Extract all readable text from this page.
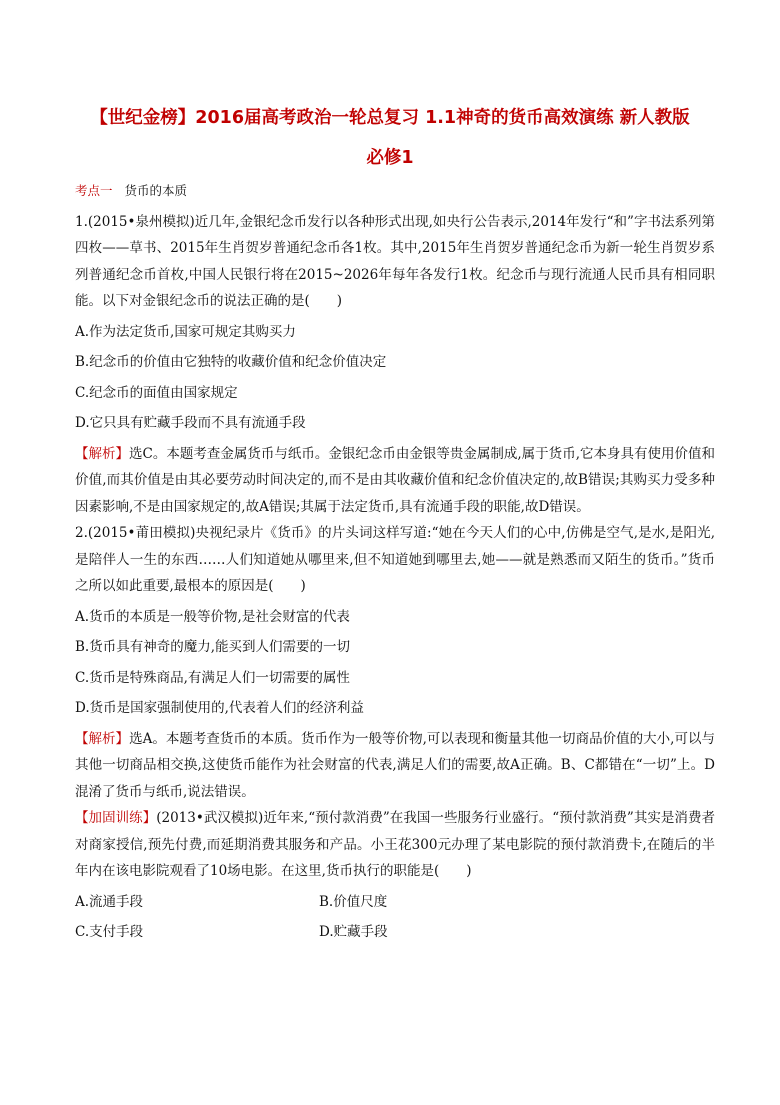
【世纪金榜】2016届高考政治一轮总复习 1.1神奇的货币高效演练 新人教版
必修1

考点一 货币的本质

1.(2015•泉州模拟)近几年,金银纪念币发行以各种形式出现,如央行公告表示,2014年发行“和”字书法系列第四枚——草书、2015年生肖贺岁普通纪念币各1枚。其中,2015年生肖贺岁普通纪念币为新一轮生肖贺岁系列普通纪念币首枚,中国人民银行将在2015~2026年每年各发行1枚。纪念币与现行流通人民币具有相同职能。以下对金银纪念币的说法正确的是(　　)

A.作为法定货币,国家可规定其购买力

B.纪念币的价值由它独特的收藏价值和纪念价值决定

C.纪念币的面值由国家规定

D.它只具有贮藏手段而不具有流通手段

【解析】选C。本题考查金属货币与纸币。金银纪念币由金银等贵金属制成,属于货币,它本身具有使用价值和价值,而其价值是由其必要劳动时间决定的,而不是由其收藏价值和纪念价值决定的,故B错误;其购买力受多种因素影响,不是由国家规定的,故A错误;其属于法定货币,具有流通手段的职能,故D错误。

2.(2015•莆田模拟)央视纪录片《货币》的片头词这样写道:“她在今天人们的心中,仿佛是空气,是水,是阳光,是陪伴人一生的东西……人们知道她从哪里来,但不知道她到哪里去,她——就是熟悉而又陌生的货币。”货币之所以如此重要,最根本的原因是(　　)

A.货币的本质是一般等价物,是社会财富的代表

B.货币具有神奇的魔力,能买到人们需要的一切

C.货币是特殊商品,有满足人们一切需要的属性

D.货币是国家强制使用的,代表着人们的经济利益

【解析】选A。本题考查货币的本质。货币作为一般等价物,可以表现和衡量其他一切商品价值的大小,可以与其他一切商品相交换,这使货币能作为社会财富的代表,满足人们的需要,故A正确。B、C都错在“一切”上。D混淆了货币与纸币,说法错误。

【加固训练】(2013•武汉模拟)近年来,“预付款消费”在我国一些服务行业盛行。“预付款消费”其实是消费者对商家授信,预先付费,而延期消费其服务和产品。小王花300元办理了某电影院的预付款消费卡,在随后的半年内在该电影院观看了10场电影。在这里,货币执行的职能是(　　)

A.流通手段	B.价值尺度
C.支付手段	D.贮藏手段
